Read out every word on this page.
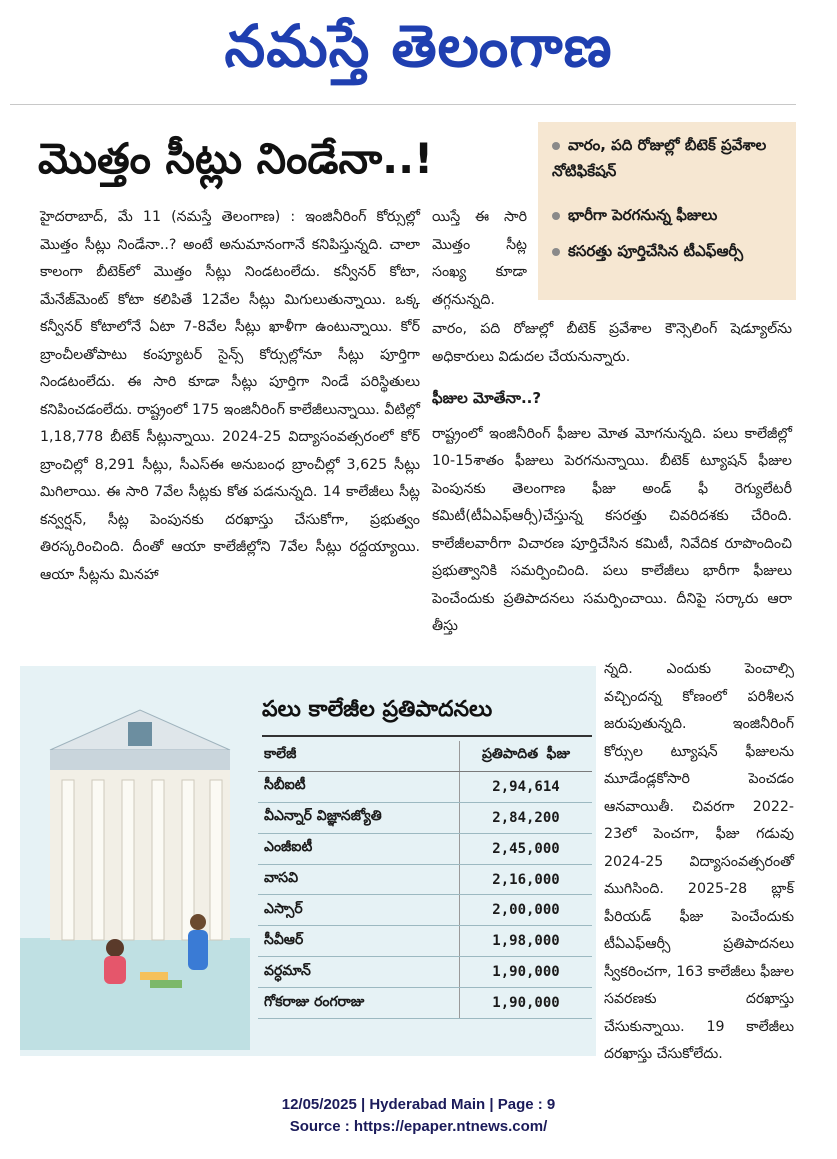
నమస్తే తెలంగాణ
మొత్తం సీట్లు నిండేనా..!	వారం, పది రోజుల్లో బీటెక్ ప్రవేశాల నోటిఫికేషన్
భారీగా పెరగనున్న ఫీజులు
కసరత్తు పూర్తిచేసిన టీఎఫ్ఆర్సీ

హైదరాబాద్, మే 11 (నమస్తే తెలంగాణ) : ఇంజినీరింగ్ కోర్సుల్లో మొత్తం సీట్లు నిండేనా..? అంటే అనుమానంగానే కనిపిస్తున్నది. చాలా కాలంగా బీటెక్‌లో మొత్తం సీట్లు నిండటంలేదు. కన్వీనర్ కోటా, మేనేజ్‌మెంట్ కోటా కలిపితే 12వేల సీట్లు మిగులుతున్నాయి. ఒక్క కన్వీనర్ కోటాలోనే ఏటా 7-8వేల సీట్లు ఖాళీగా ఉంటున్నాయి. కోర్ బ్రాంచీలతోపాటు కంప్యూటర్ సైన్స్ కోర్సుల్లోనూ సీట్లు పూర్తిగా నిండటంలేదు. ఈ సారి కూడా సీట్లు పూర్తిగా నిండే పరిస్థితులు కనిపించడంలేదు. రాష్ట్రంలో 175 ఇంజినీరింగ్ కాలేజీలున్నాయి. వీటిల్లో 1,18,778 బీటెక్ సీట్లున్నాయి. 2024-25 విద్యాసంవత్సరంలో కోర్ బ్రాంచిల్లో 8,291 సీట్లు, సీఎస్ఈ అనుబంధ బ్రాంచీల్లో 3,625 సీట్లు మిగిలాయి. ఈ సారి 7వేల సీట్లకు కోత పడనున్నది. 14 కాలేజీలు సీట్ల కన్వర్షన్, సీట్ల పెంపునకు దరఖాస్తు చేసుకోగా, ప్రభుత్వం తిరస్కరించింది. దీంతో ఆయా కాలేజీల్లోని 7వేల సీట్లు రద్దయ్యాయి. ఆయా సీట్లను మినహా

యిస్తే ఈ సారి మొత్తం సీట్ల సంఖ్య కూడా తగ్గనున్నది.

వారం, పది రోజుల్లో బీటెక్ ప్రవేశాల కౌన్సెలింగ్ షెడ్యూల్‌ను అధికారులు విడుదల చేయనున్నారు.

ఫీజుల మోతేనా..?

రాష్ట్రంలో ఇంజినీరింగ్ ఫీజుల మోత మోగనున్నది. పలు కాలేజీల్లో 10-15శాతం ఫీజులు పెరగనున్నాయి. బీటెక్ ట్యూషన్ ఫీజుల పెంపునకు తెలంగాణ ఫీజు అండ్ ఫీ రెగ్యులేటరీ కమిటీ(టీఏఎఫ్ఆర్సీ)చేస్తున్న కసరత్తు చివరిదశకు చేరింది. కాలేజీలవారీగా విచారణ పూర్తిచేసిన కమిటీ, నివేదిక రూపొందించి ప్రభుత్వానికి సమర్పించింది. పలు కాలేజీలు భారీగా ఫీజులు పెంచేందుకు ప్రతిపాదనలు సమర్పించాయి. దీనిపై సర్కారు ఆరా తీస్తు

న్నది. ఎందుకు పెంచాల్సి వచ్చిందన్న కోణంలో పరిశీలన జరుపుతున్నది. ఇంజినీరింగ్ కోర్సుల ట్యూషన్ ఫీజులను మూడేండ్లకోసారి పెంచడం ఆనవాయితీ. చివరగా 2022-23లో పెంచగా, ఫీజు గడువు 2024-25 విద్యాసంవత్సరంతో ముగిసింది. 2025-28 బ్లాక్ పీరియడ్ ఫీజు పెంచేందుకు టీఏఎఫ్ఆర్సీ ప్రతిపాదనలు స్వీకరించగా, 163 కాలేజీలు ఫీజుల సవరణకు దరఖాస్తు చేసుకున్నాయి. 19 కాలేజీలు దరఖాస్తు చేసుకోలేదు.

పలు కాలేజీల ప్రతిపాదనలు
కాలేజీ	ప్రతిపాదిత ఫీజు
సీబీఐటీ	2,94,614
వీఎన్నార్ విజ్ఞానజ్యోతి	2,84,200
ఎంజీఐటీ	2,45,000
వాసవి	2,16,000
ఎస్సార్	2,00,000
సీవీఆర్	1,98,000
వర్ధమాన్	1,90,000
గోకరాజు రంగరాజు	1,90,000
12/05/2025 | Hyderabad Main | Page : 9
Source : https://epaper.ntnews.com/
